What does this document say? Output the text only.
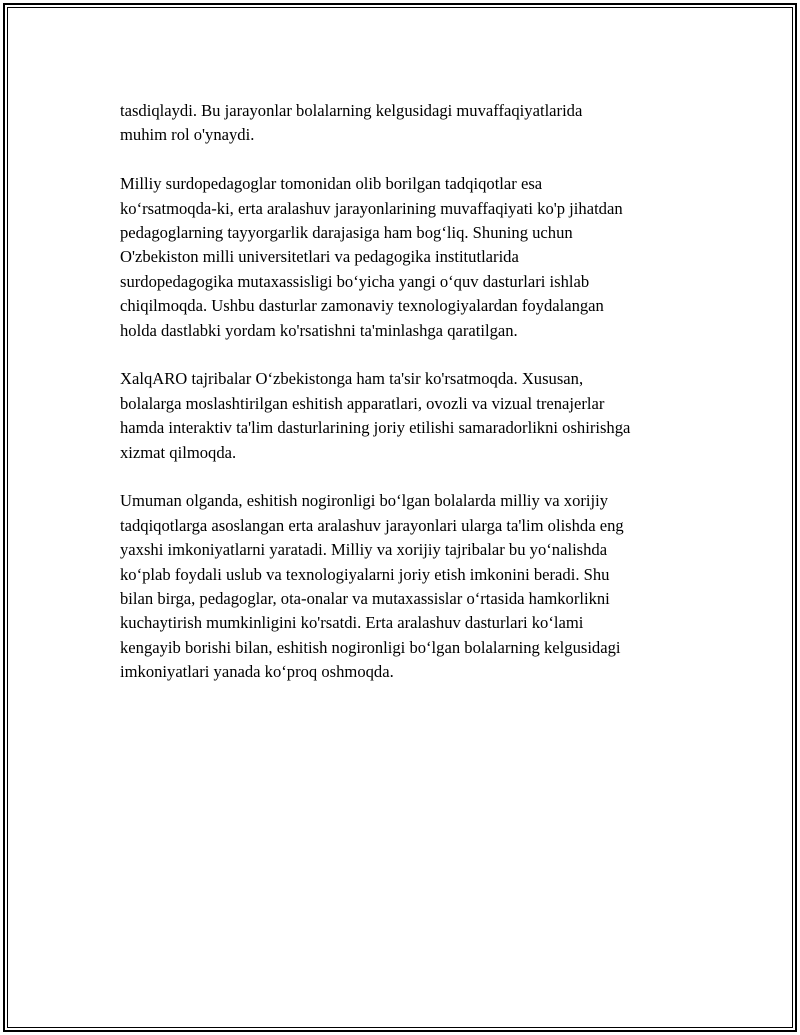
tasdiqlaydi. Bu jarayonlar bolalarning kelgusidagi muvaffaqiyatlarida
muhim rol o'ynaydi.

Milliy surdopedagoglar tomonidan olib borilgan tadqiqotlar esa
ko‘rsatmoqda-ki, erta aralashuv jarayonlarining muvaffaqiyati ko'p jihatdan
pedagoglarning tayyorgarlik darajasiga ham bog‘liq. Shuning uchun
O'zbekiston milli universitetlari va pedagogika institutlarida
surdopedagogika mutaxassisligi bo‘yicha yangi o‘quv dasturlari ishlab
chiqilmoqda. Ushbu dasturlar zamonaviy texnologiyalardan foydalangan
holda dastlabki yordam ko'rsatishni ta'minlashga qaratilgan.

XalqARO tajribalar O‘zbekistonga ham ta'sir ko'rsatmoqda. Xususan,
bolalarga moslashtirilgan eshitish apparatlari, ovozli va vizual trenajerlar
hamda interaktiv ta'lim dasturlarining joriy etilishi samaradorlikni oshirishga
xizmat qilmoqda.

Umuman olganda, eshitish nogironligi bo‘lgan bolalarda milliy va xorijiy
tadqiqotlarga asoslangan erta aralashuv jarayonlari ularga ta'lim olishda eng
yaxshi imkoniyatlarni yaratadi. Milliy va xorijiy tajribalar bu yo‘nalishda
ko‘plab foydali uslub va texnologiyalarni joriy etish imkonini beradi. Shu
bilan birga, pedagoglar, ota-onalar va mutaxassislar o‘rtasida hamkorlikni
kuchaytirish mumkinligini ko'rsatdi. Erta aralashuv dasturlari ko‘lami
kengayib borishi bilan, eshitish nogironligi bo‘lgan bolalarning kelgusidagi
imkoniyatlari yanada ko‘proq oshmoqda.
